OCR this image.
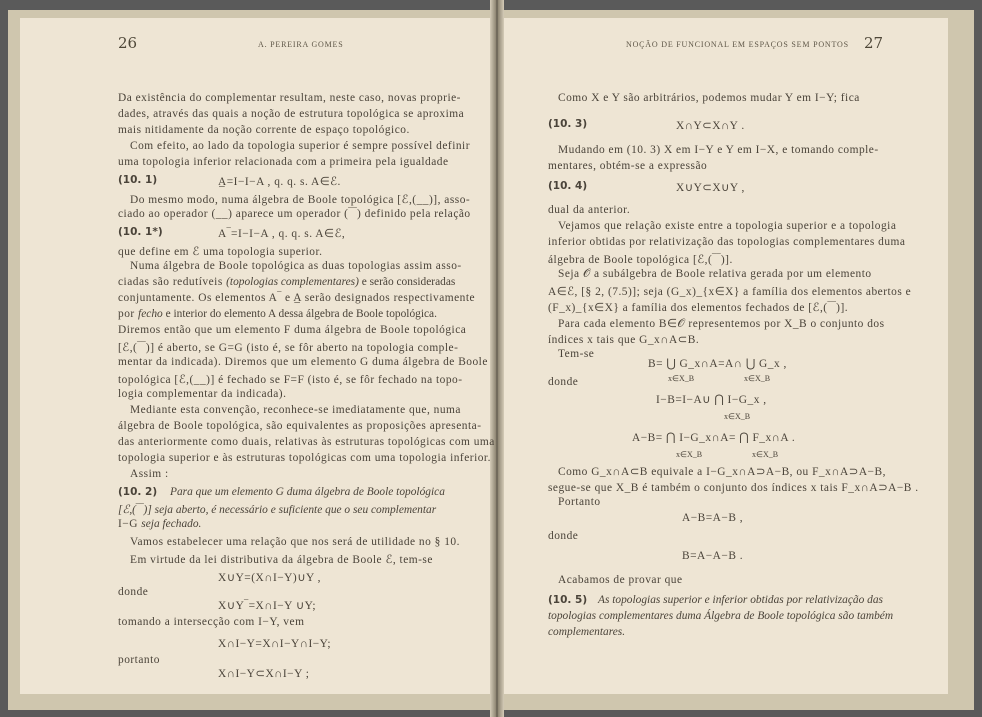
26	A. PEREIRA GOMES	27
NOÇÃO DE FUNCIONAL EM ESPAÇOS SEM PONTOS
Da existência do complementar resultam, neste caso, novas proprie-
dades, através das quais a noção de estrutura topológica se aproxima
mais nitidamente da noção corrente de espaço topológico.
Com efeito, ao lado da topologia superior é sempre possível definir
uma topologia inferior relacionada com a primeira pela igualdade
(10. 1)	A̲=I−I−A , q. q. s. A∈ℰ.
Do mesmo modo, numa álgebra de Boole topológica [ℰ,(__)], asso-
ciado ao operador (__) aparece um operador (‾‾) definido pela relação
(10. 1*)	A‾=I−I−A , q. q. s. A∈ℰ,
que define em ℰ uma topologia superior.
Numa álgebra de Boole topológica as duas topologias assim asso-
ciadas são redutíveis (topologias complementares) e serão consideradas
conjuntamente. Os elementos A‾ e A̲ serão designados respectivamente
por fecho e interior do elemento A dessa álgebra de Boole topológica.
Diremos então que um elemento F duma álgebra de Boole topológica
[ℰ,(‾‾)] é aberto, se G=G (isto é, se fôr aberto na topologia comple-
mentar da indicada). Diremos que um elemento G duma álgebra de Boole
topológica [ℰ,(__)] é fechado se F=F (isto é, se fôr fechado na topo-
logia complementar da indicada).
Mediante esta convenção, reconhece-se imediatamente que, numa
álgebra de Boole topológica, são equivalentes as proposições apresenta-
das anteriormente como duais, relativas às estruturas topológicas com uma
topologia superior e às estruturas topológicas com uma topologia inferior.
Assim :
(10. 2) Para que um elemento G duma álgebra de Boole topológica
[ℰ,(‾‾)] seja aberto, é necessário e suficiente que o seu complementar
I−G seja fechado.
Vamos estabelecer uma relação que nos será de utilidade no § 10.
Em virtude da lei distributiva da álgebra de Boole ℰ, tem-se
X∪Y=(X∩I−Y)∪Y ,
donde
X∪Y‾=X∩I−Y ∪Y;
tomando a intersecção com I−Y, vem
X∩I−Y=X∩I−Y∩I−Y;
portanto
X∩I−Y⊂X∩I−Y ;
Como X e Y são arbitrários, podemos mudar Y em I−Y; fica
(10. 3)	X∩Y⊂X∩Y .
Mudando em (10. 3) X em I−Y e Y em I−X, e tomando comple-
mentares, obtém-se a expressão
(10. 4)	X∪Y⊂X∪Y ,
dual da anterior.
Vejamos que relação existe entre a topologia superior e a topologia
inferior obtidas por relativização das topologias complementares duma
álgebra de Boole topológica [ℰ,(‾‾)].
Seja 𝒪 a subálgebra de Boole relativa gerada por um elemento
A∈ℰ, [§ 2, (7.5)]; seja (G_x)_{x∈X} a família dos elementos abertos e
(F_x)_{x∈X} a família dos elementos fechados de [ℰ,(‾‾)].
Para cada elemento B∈𝒪 representemos por X_B o conjunto dos
índices x tais que G_x∩A⊂B.
Tem-se
B= ⋃ G_x∩A=A∩ ⋃ G_x ,
donde
I−B=I−A∪ ⋂ I−G_x ,
A−B= ⋂ I−G_x∩A= ⋂ F_x∩A .
Como G_x∩A⊂B equivale a I−G_x∩A⊃A−B, ou F_x∩A⊃A−B,
segue-se que X_B é também o conjunto dos índices x tais F_x∩A⊃A−B .
Portanto
A−B=A−B ,
donde
B=A−A−B .
Acabamos de provar que
(10. 5) As topologias superior e inferior obtidas por relativização das
topologias complementares duma Álgebra de Boole topológica são também
complementares.
x∈X_B	x∈X_B
x∈X_B
x∈X_B	x∈X_B
